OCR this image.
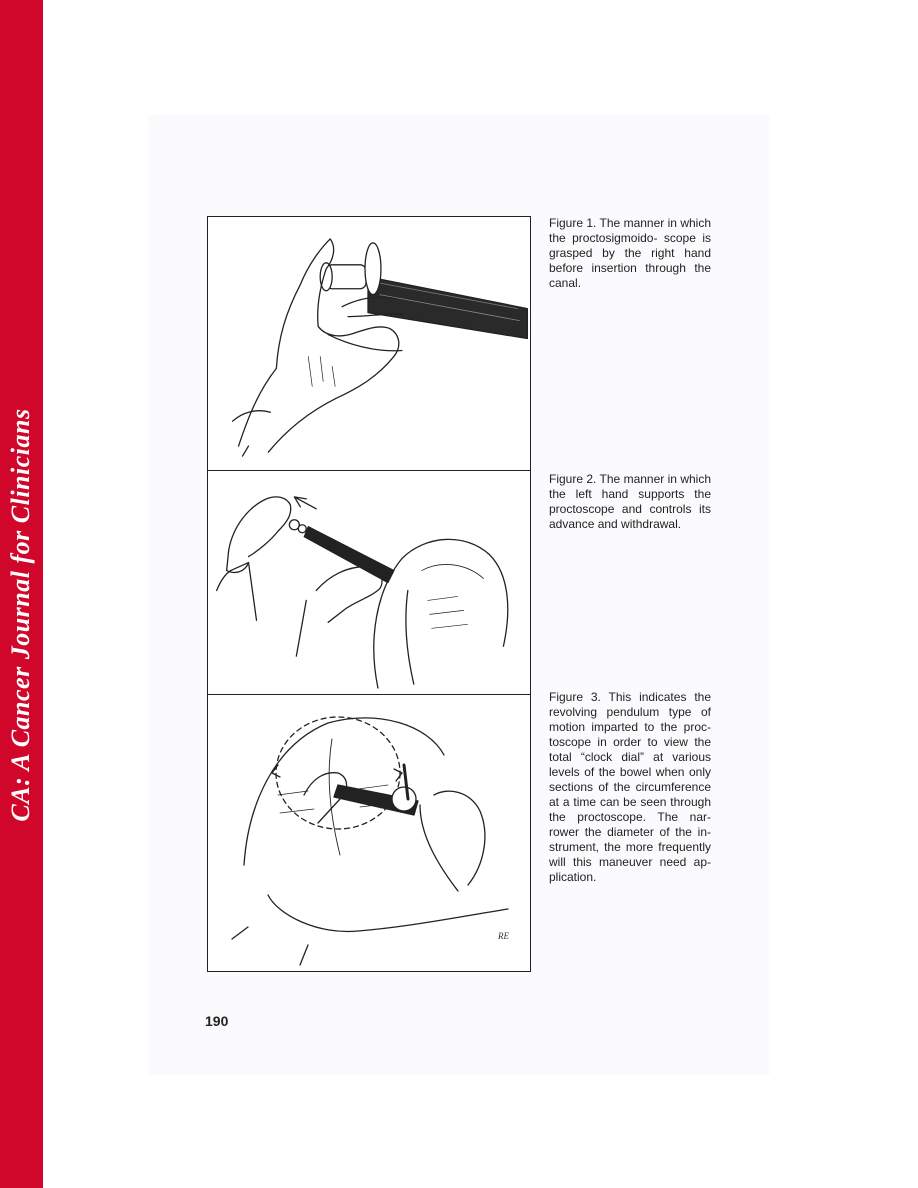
CA: A Cancer Journal for Clinicians
RE
Figure 1. The manner in which the proctosigmoido- scope is grasped by the right hand before insertion through the canal.
Figure 2. The manner in which the left hand supports the proctoscope and controls its advance and withdrawal.
Figure 3. This indicates the revolving pendulum type of motion imparted to the proc- toscope in order to view the total “clock dial” at various levels of the bowel when only sections of the circumference at a time can be seen through the proctoscope. The nar- rower the diameter of the in- strument, the more frequently will this maneuver need ap- plication.
190
